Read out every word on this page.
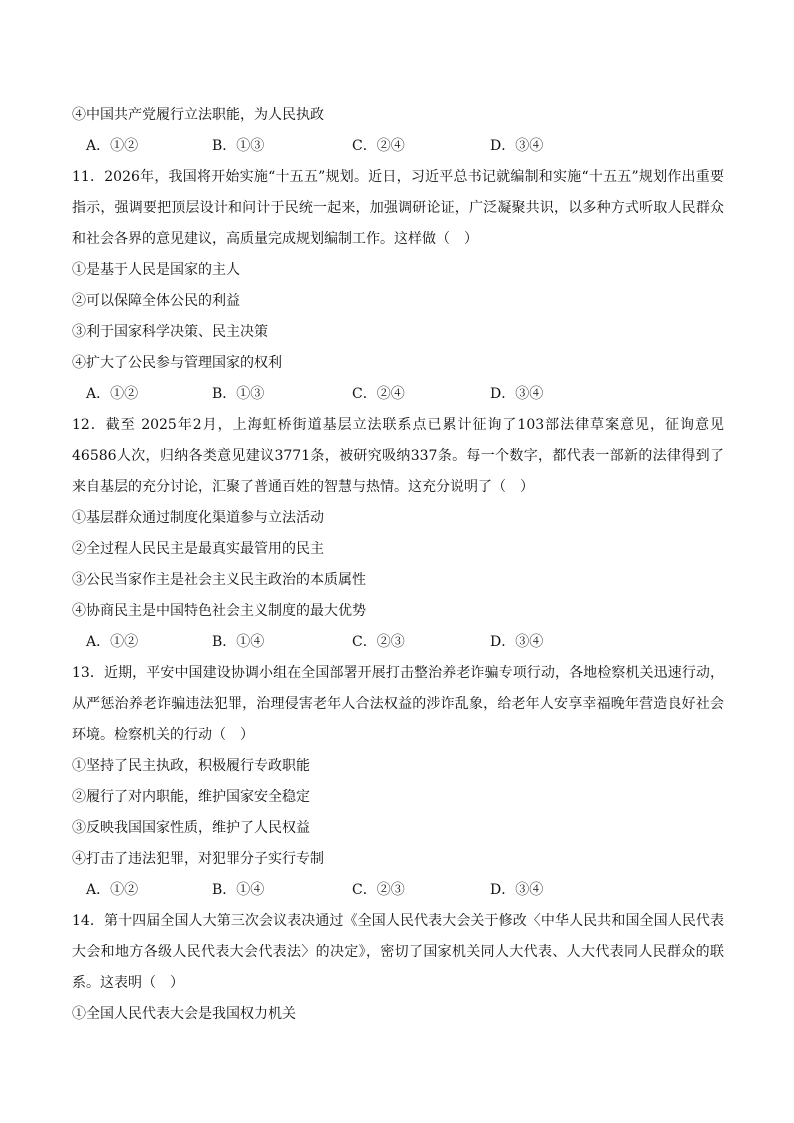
④中国共产党履行立法职能，为人民执政
A．①②	B．①③	C．②④	D．③④
11．2026年，我国将开始实施“十五五”规划。近日，习近平总书记就编制和实施“十五五”规划作出重要指示，强调要把顶层设计和问计于民统一起来，加强调研论证，广泛凝聚共识，以多种方式听取人民群众和社会各界的意见建议，高质量完成规划编制工作。这样做（　）
①是基于人民是国家的主人
②可以保障全体公民的利益
③利于国家科学决策、民主决策
④扩大了公民参与管理国家的权利
A．①②	B．①③	C．②④	D．③④
12．截至 2025年2月，上海虹桥街道基层立法联系点已累计征询了103部法律草案意见，征询意见46586人次，归纳各类意见建议3771条，被研究吸纳337条。每一个数字，都代表一部新的法律得到了来自基层的充分讨论，汇聚了普通百姓的智慧与热情。这充分说明了（　）
①基层群众通过制度化渠道参与立法活动
②全过程人民民主是最真实最管用的民主
③公民当家作主是社会主义民主政治的本质属性
④协商民主是中国特色社会主义制度的最大优势
A．①②	B．①④	C．②③	D．③④
13．近期，平安中国建设协调小组在全国部署开展打击整治养老诈骗专项行动，各地检察机关迅速行动，从严惩治养老诈骗违法犯罪，治理侵害老年人合法权益的涉诈乱象，给老年人安享幸福晚年营造良好社会环境。检察机关的行动（　）
①坚持了民主执政，积极履行专政职能
②履行了对内职能，维护国家安全稳定
③反映我国国家性质，维护了人民权益
④打击了违法犯罪，对犯罪分子实行专制
A．①②	B．①④	C．②③	D．③④
14．第十四届全国人大第三次会议表决通过《全国人民代表大会关于修改〈中华人民共和国全国人民代表大会和地方各级人民代表大会代表法〉的决定》，密切了国家机关同人大代表、人大代表同人民群众的联系。这表明（　）
①全国人民代表大会是我国权力机关
